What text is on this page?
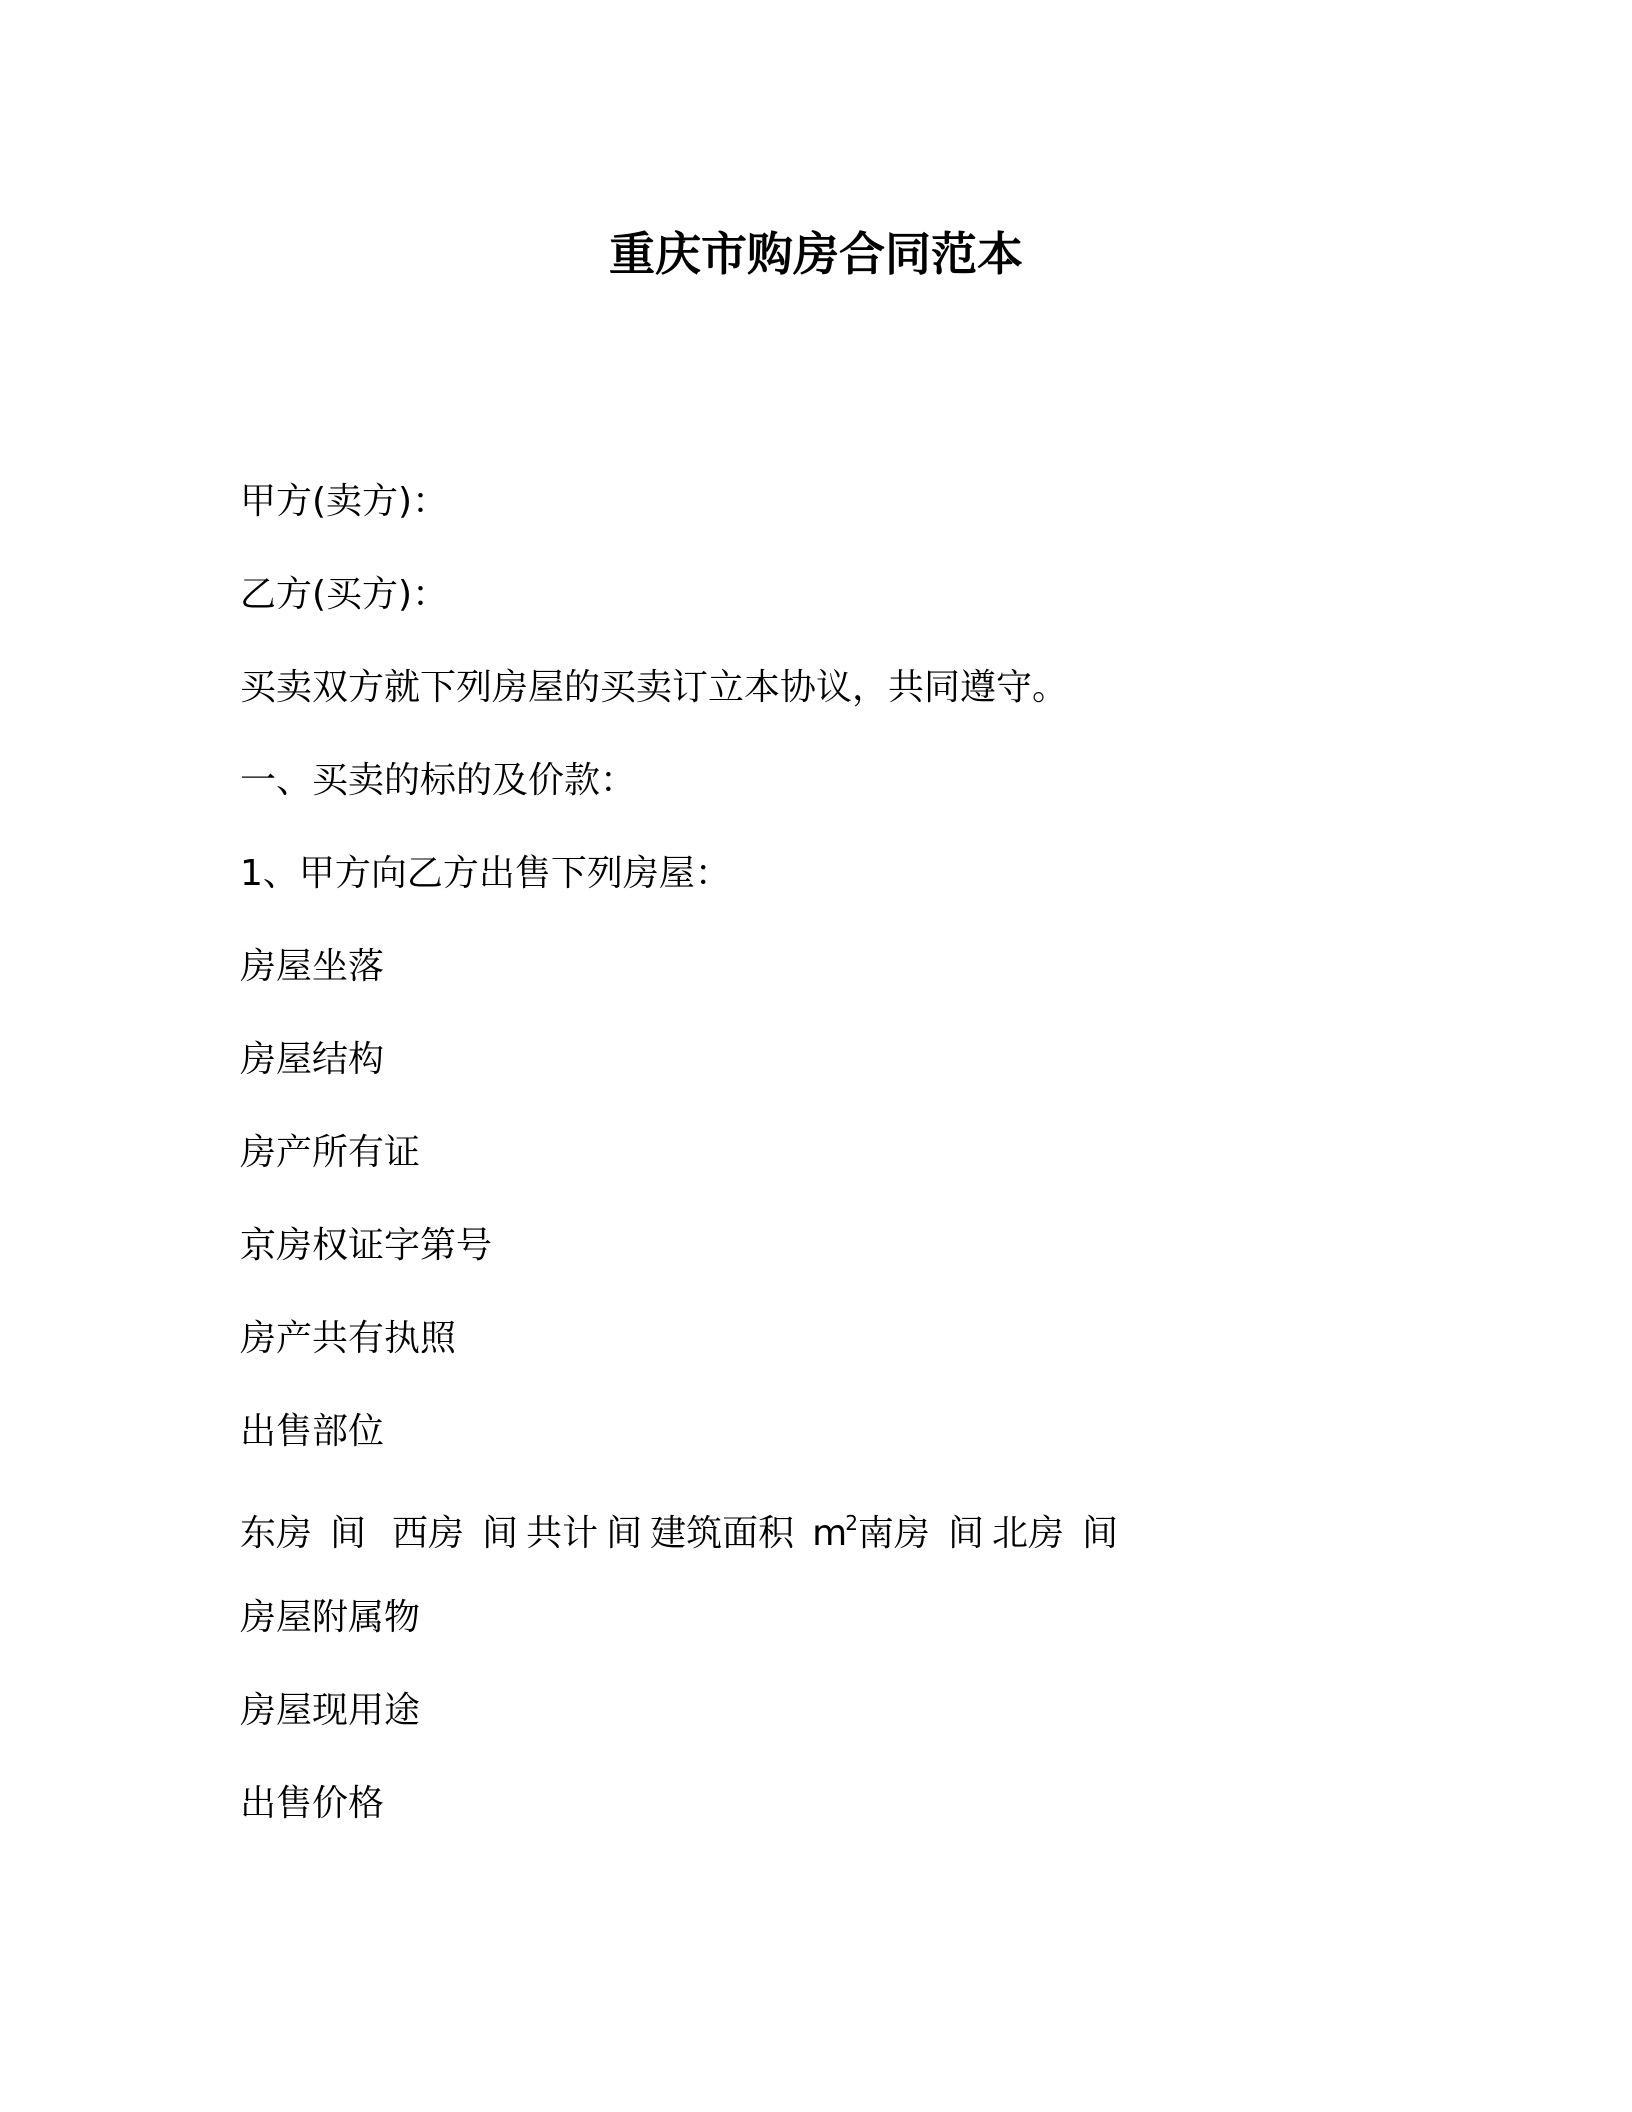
重庆市购房合同范本
甲方(卖方)：
乙方(买方)：
买卖双方就下列房屋的买卖订立本协议，共同遵守。
一、买卖的标的及价款：
1、甲方向乙方出售下列房屋：
房屋坐落
房屋结构
房产所有证
京房权证字第号
房产共有执照
出售部位
东房 间 西房 间 共计 间 建筑面积 $m^2$ 南房 间 北房 间
房屋附属物
房屋现用途
出售价格
